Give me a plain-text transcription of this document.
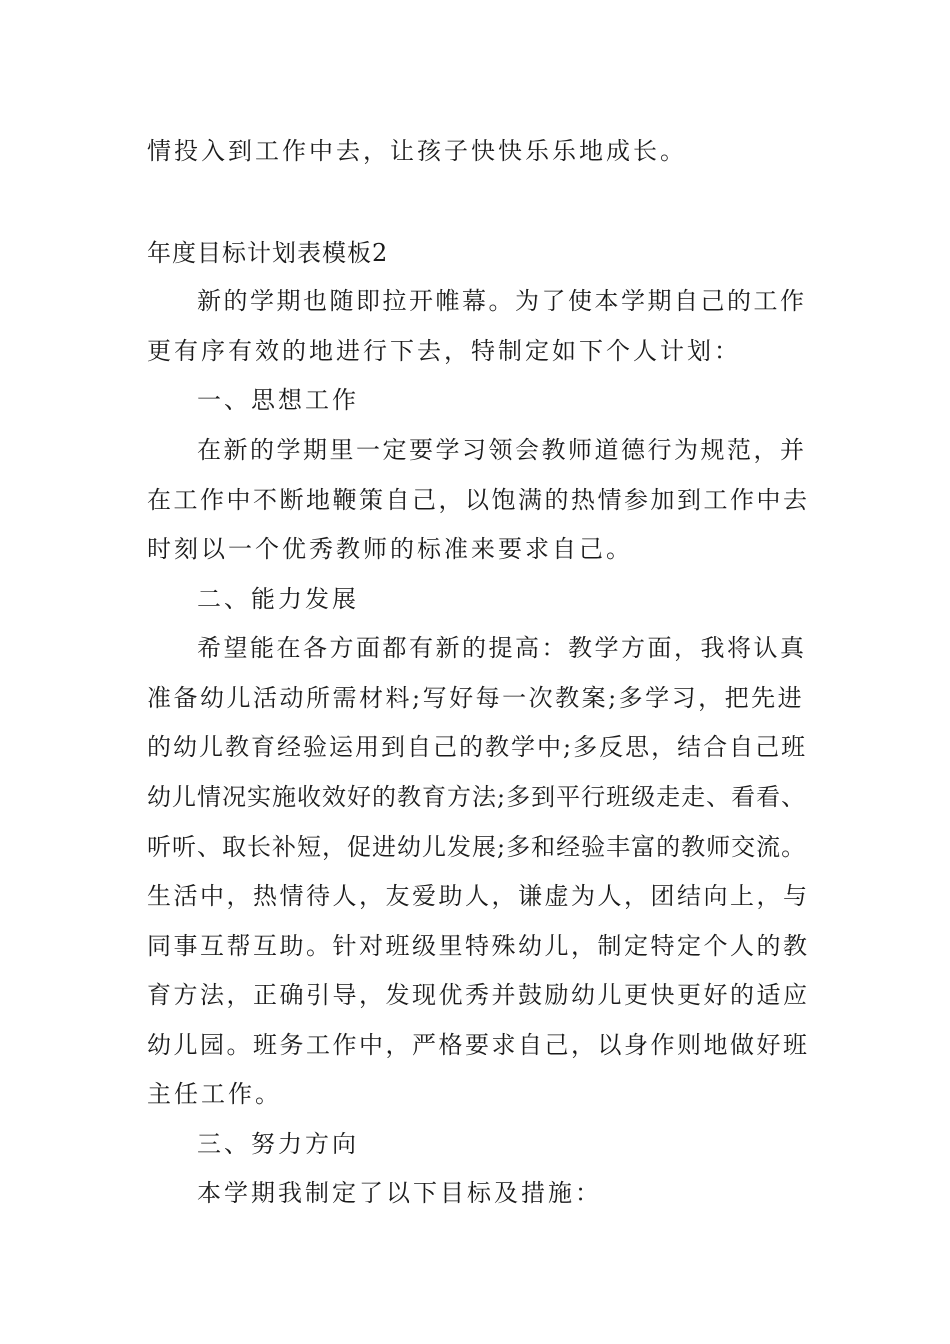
情投入到工作中去，让孩子快快乐乐地成长。
年度目标计划表模板2
新的学期也随即拉开帷幕。为了使本学期自己的工作
更有序有效的地进行下去，特制定如下个人计划：
一、思想工作
在新的学期里一定要学习领会教师道德行为规范，并
在工作中不断地鞭策自己，以饱满的热情参加到工作中去
时刻以一个优秀教师的标准来要求自己。
二、能力发展
希望能在各方面都有新的提高：教学方面，我将认真
准备幼儿活动所需材料;写好每一次教案;多学习，把先进
的幼儿教育经验运用到自己的教学中;多反思，结合自己班
幼儿情况实施收效好的教育方法;多到平行班级走走、看看、
听听、取长补短，促进幼儿发展;多和经验丰富的教师交流。
生活中，热情待人，友爱助人，谦虚为人，团结向上，与
同事互帮互助。针对班级里特殊幼儿，制定特定个人的教
育方法，正确引导，发现优秀并鼓励幼儿更快更好的适应
幼儿园。班务工作中，严格要求自己，以身作则地做好班
主任工作。
三、努力方向
本学期我制定了以下目标及措施：
